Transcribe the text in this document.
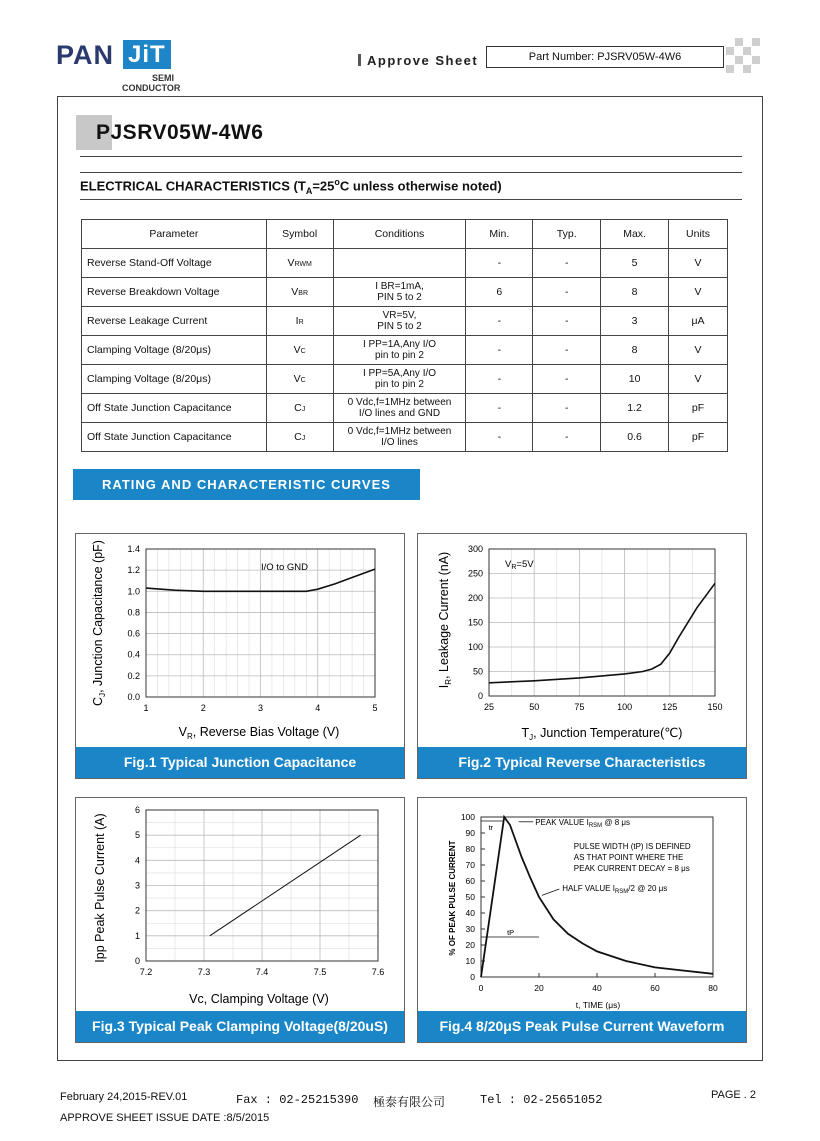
PAN JiT
SEMI
CONDUCTOR
Approve Sheet	Part Number: PJSRV05W-4W6
PJSRV05W-4W6
ELECTRICAL CHARACTERISTICS ($T_A=25^oC$ unless otherwise noted)
Parameter	Symbol	Conditions	Min.	Typ.	Max.	Units
Reverse Stand-Off Voltage	VRWM		-	-	5	V
Reverse Breakdown Voltage	VBR	I BR=1mA,
PIN 5 to 2	6	-	8	V
Reverse Leakage Current	IR	VR=5V,
PIN 5 to 2	-	-	3	μA
Clamping Voltage (8/20μs)	VC	I PP=1A,Any I/O
pin to pin 2	-	-	8	V
Clamping Voltage (8/20μs)	VC	I PP=5A,Any I/O
pin to pin 2	-	-	10	V
Off State Junction Capacitance	CJ	0 Vdc,f=1MHz between
I/O lines and GND	-	-	1.2	pF
Off State Junction Capacitance	CJ	0 Vdc,f=1MHz between
I/O lines	-	-	0.6	pF
RATING AND CHARACTERISTIC CURVES
1	2	3	4	5
0.0
0.2
0.4
0.6
0.8
1.0
1.2
1.4
I/O to GND
$V_R$, Reverse Bias Voltage (V)
$C_J$, Junction Capacitance (pF)
Fig.1 Typical Junction Capacitance
25	50	75	100	125	150
0
50
100
150
200
250
300
$V_R=5V$
$T_J$, Junction Temperature(℃)
$I_R$, Leakage Current (nA)
Fig.2 Typical Reverse Characteristics
7.2	7.3	7.4	7.5	7.6
0
1
2
3
4
5
6
Vc, Clamping Voltage (V)
Ipp Peak Pulse Current (A)
Fig.3 Typical Peak Clamping Voltage(8/20uS)
0	20	40	60	80
0
10
20
30
40
50
60
70
80
90
100
t, TIME (μs)
% OF PEAK PULSE CURRENT
tr
PEAK VALUE $I_{RSM}$ @ 8 μs
PULSE WIDTH (tP) IS DEFINED
AS THAT POINT WHERE THE
PEAK CURRENT DECAY = 8 μs
HALF VALUE $I_{RSM}/2$ @ 20 μs
tP
Fig.4 8/20μS Peak Pulse Current Waveform
February 24,2015-REV.01	Fax : 02-25215390 極泰有限公司	Tel : 02-25651052	PAGE . 2
APPROVE SHEET ISSUE DATE :8/5/2015
